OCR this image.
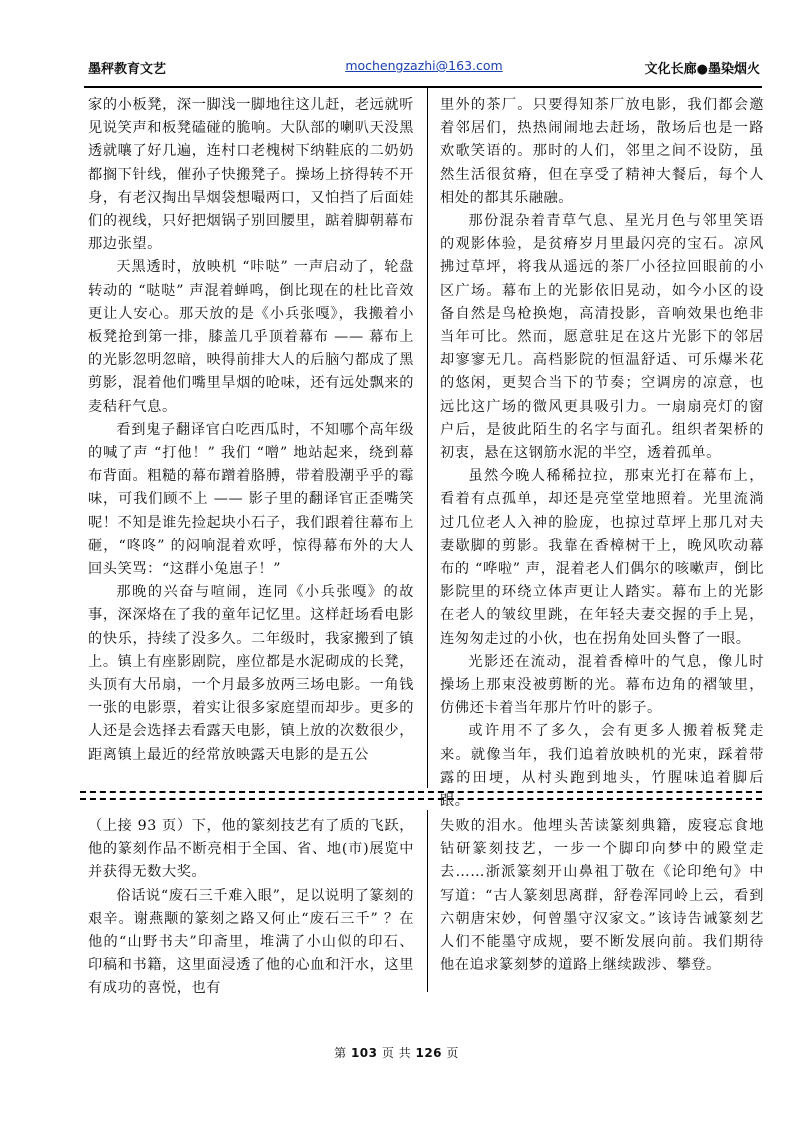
墨秤教育文艺	mochengzazhi@163.com	文化长廊●墨染烟火

家的小板凳，深一脚浅一脚地往这儿赶，老远就听见说笑声和板凳磕碰的脆响。大队部的喇叭天没黑透就嚷了好几遍，连村口老槐树下纳鞋底的二奶奶都搁下针线，催孙子快搬凳子。操场上挤得转不开身，有老汉掏出旱烟袋想嘬两口，又怕挡了后面娃们的视线，只好把烟锅子别回腰里，踮着脚朝幕布那边张望。

天黑透时，放映机 “咔哒” 一声启动了，轮盘转动的 “哒哒” 声混着蝉鸣，倒比现在的杜比音效更让人安心。那天放的是《小兵张嘎》，我搬着小板凳抢到第一排，膝盖几乎顶着幕布 —— 幕布上的光影忽明忽暗，映得前排大人的后脑勺都成了黑剪影，混着他们嘴里旱烟的呛味，还有远处飘来的麦秸秆气息。

看到鬼子翻译官白吃西瓜时，不知哪个高年级的喊了声 “打他！” 我们 “噌” 地站起来，绕到幕布背面。粗糙的幕布蹭着胳膊，带着股潮乎乎的霉味，可我们顾不上 —— 影子里的翻译官正歪嘴笑呢！不知是谁先捡起块小石子，我们跟着往幕布上砸，“咚咚” 的闷响混着欢呼，惊得幕布外的大人回头笑骂：“这群小兔崽子！”

那晚的兴奋与喧闹，连同《小兵张嘎》的故事，深深烙在了我的童年记忆里。这样赶场看电影的快乐，持续了没多久。二年级时，我家搬到了镇上。镇上有座影剧院，座位都是水泥砌成的长凳，头顶有大吊扇，一个月最多放两三场电影。一角钱一张的电影票，着实让很多家庭望而却步。更多的人还是会选择去看露天电影，镇上放的次数很少，距离镇上最近的经常放映露天电影的是五公

里外的茶厂。只要得知茶厂放电影，我们都会邀着邻居们，热热闹闹地去赶场，散场后也是一路欢歌笑语的。那时的人们，邻里之间不设防，虽然生活很贫瘠，但在享受了精神大餐后，每个人相处的都其乐融融。

那份混杂着青草气息、星光月色与邻里笑语的观影体验，是贫瘠岁月里最闪亮的宝石。凉风拂过草坪，将我从遥远的茶厂小径拉回眼前的小区广场。幕布上的光影依旧晃动，如今小区的设备自然是鸟枪换炮，高清投影，音响效果也绝非当年可比。然而，愿意驻足在这片光影下的邻居却寥寥无几。高档影院的恒温舒适、可乐爆米花的悠闲，更契合当下的节奏；空调房的凉意，也远比这广场的微风更具吸引力。一扇扇亮灯的窗户后，是彼此陌生的名字与面孔。组织者架桥的初衷，悬在这钢筋水泥的半空，透着孤单。

虽然今晚人稀稀拉拉，那束光打在幕布上，看着有点孤单，却还是亮堂堂地照着。光里流淌过几位老人入神的脸庞，也掠过草坪上那几对夫妻歇脚的剪影。我靠在香樟树干上，晚风吹动幕布的 “哗啦” 声，混着老人们偶尔的咳嗽声，倒比影院里的环绕立体声更让人踏实。幕布上的光影在老人的皱纹里跳，在年轻夫妻交握的手上晃，连匆匆走过的小伙，也在拐角处回头瞥了一眼。

光影还在流动，混着香樟叶的气息，像儿时操场上那束没被剪断的光。幕布边角的褶皱里，仿佛还卡着当年那片竹叶的影子。

或许用不了多久，会有更多人搬着板凳走来。就像当年，我们追着放映机的光束，踩着带露的田埂，从村头跑到地头，竹腥味追着脚后跟。

（上接 93 页）下，他的篆刻技艺有了质的飞跃，他的篆刻作品不断亮相于全国、省、地(市)展览中并获得无数大奖。

俗话说“废石三千难入眼”，足以说明了篆刻的艰辛。谢燕颙的篆刻之路又何止“废石三千” ？在他的“山野书夫”印斋里，堆满了小山似的印石、印稿和书籍，这里面浸透了他的心血和汗水，这里有成功的喜悦，也有

失败的泪水。他埋头苦读篆刻典籍，废寝忘食地钻研篆刻技艺，一步一个脚印向梦中的殿堂走去……浙派篆刻开山鼻祖丁敬在《论印绝句》中写道：“古人篆刻思离群，舒卷浑同岭上云，看到六朝唐宋妙，何曾墨守汉家文。”该诗告诫篆刻艺人们不能墨守成规，要不断发展向前。我们期待他在追求篆刻梦的道路上继续跋涉、攀登。

第 103 页 共 126 页
